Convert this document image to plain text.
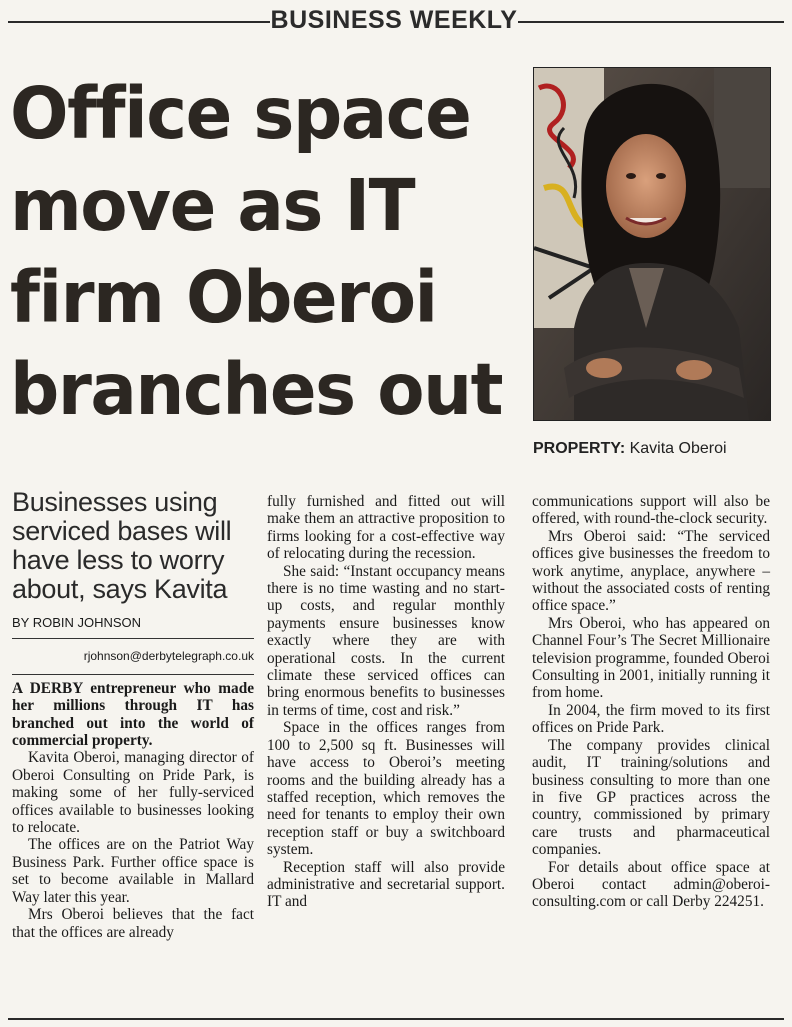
BUSINESS WEEKLY
Office space
move as IT
firm Oberoi
branches out
PROPERTY: Kavita Oberoi
Businesses using serviced bases will have less to worry about, says Kavita
BY ROBIN JOHNSON
rjohnson@derbytelegraph.co.uk

A DERBY entrepreneur who made her millions through IT has branched out into the world of commercial property.

Kavita Oberoi, managing director of Oberoi Consulting on Pride Park, is making some of her fully-serviced offices available to businesses looking to relocate.

The offices are on the Patriot Way Business Park. Further office space is set to become available in Mallard Way later this year.

Mrs Oberoi believes that the fact that the offices are already

fully furnished and fitted out will make them an attractive proposition to firms looking for a cost-effective way of relocating during the recession.

She said: “Instant occupancy means there is no time wasting and no start-up costs, and regular monthly payments ensure businesses know exactly where they are with operational costs. In the current climate these serviced offices can bring enormous benefits to businesses in terms of time, cost and risk.”

Space in the offices ranges from 100 to 2,500 sq ft. Businesses will have access to Oberoi’s meeting rooms and the building already has a staffed reception, which removes the need for tenants to employ their own reception staff or buy a switchboard system.

Reception staff will also provide administrative and secretarial support. IT and

communications support will also be offered, with round-the-clock security.

Mrs Oberoi said: “The serviced offices give businesses the freedom to work anytime, anyplace, anywhere – without the associated costs of renting office space.”

Mrs Oberoi, who has appeared on Channel Four’s The Secret Millionaire television programme, founded Oberoi Consulting in 2001, initially running it from home.

In 2004, the firm moved to its first offices on Pride Park.

The company provides clinical audit, IT training/solutions and business consulting to more than one in five GP practices across the country, commissioned by primary care trusts and pharmaceutical companies.

For details about office space at Oberoi contact admin@oberoi-consulting.com or call Derby 224251.
